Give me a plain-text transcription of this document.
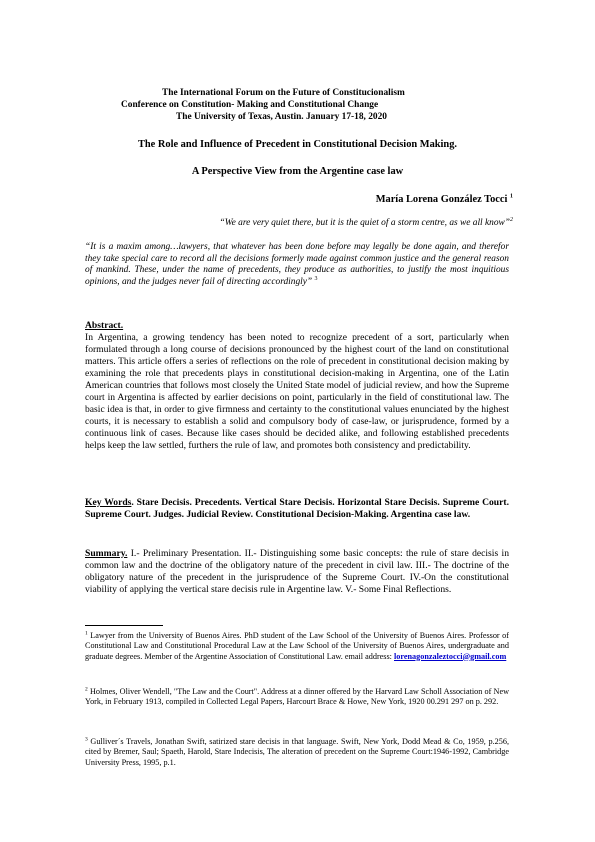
The International Forum on the Future of Constitucionalism
Conference on Constitution- Making and Constitutional Change
The University of Texas, Austin. January 17-18, 2020
The Role and Influence of Precedent in Constitutional Decision Making.
A Perspective View from the Argentine case law
María Lorena González Tocci $^1$
“We are very quiet there, but it is the quiet of a storm centre, as we all know”$^2$
“It is a maxim among…lawyers, that whatever has been done before may legally be done again, and therefor they take special care to record all the decisions formerly made against common justice and the general reason of mankind. These, under the name of precedents, they produce as authorities, to justify the most inquitious opinions, and the judges never fail of directing accordingly” $^3$
Abstract.
In Argentina, a growing tendency has been noted to recognize precedent of a sort, particularly when formulated through a long course of decisions pronounced by the highest court of the land on constitutional matters. This article offers a series of reflections on the role of precedent in constitutional decision making by examining the role that precedents plays in constitutional decision-making in Argentina, one of the Latin American countries that follows most closely the United State model of judicial review, and how the Supreme court in Argentina is affected by earlier decisions on point, particularly in the field of constitutional law. The basic idea is that, in order to give firmness and certainty to the constitutional values enunciated by the highest courts, it is necessary to establish a solid and compulsory body of case-law, or jurisprudence, formed by a continuous link of cases. Because like cases should be decided alike, and following established precedents helps keep the law settled, furthers the rule of law, and promotes both consistency and predictability.
Key Words. Stare Decisis. Precedents. Vertical Stare Decisis. Horizontal Stare Decisis. Supreme Court. Supreme Court. Judges. Judicial Review. Constitutional Decision-Making. Argentina case law.
Summary. I.- Preliminary Presentation. II.- Distinguishing some basic concepts: the rule of stare decisis in common law and the doctrine of the obligatory nature of the precedent in civil law. III.- The doctrine of the obligatory nature of the precedent in the jurisprudence of the Supreme Court. IV.-On the constitutional viability of applying the vertical stare decisis rule in Argentine law. V.- Some Final Reflections.
$^1$ Lawyer from the University of Buenos Aires. PhD student of the Law School of the University of Buenos Aires. Professor of Constitutional Law and Constitutional Procedural Law at the Law School of the University of Buenos Aires, undergraduate and graduate degrees. Member of the Argentine Association of Constitutional Law. email address: lorenagonzaleztocci@gmail.com
$^2$ Holmes, Oliver Wendell, "The Law and the Court". Address at a dinner offered by the Harvard Law Scholl Association of New York, in February 1913, compiled in Collected Legal Papers, Harcourt Brace & Howe, New York, 1920 00.291 297 on p. 292.
$^3$ Gulliver´s Travels, Jonathan Swift, satirized stare decisis in that language. Swift, New York, Dodd Mead & Co, 1959, p.256, cited by Bremer, Saul; Spaeth, Harold, Stare Indecisis, The alteration of precedent on the Supreme Court:1946-1992, Cambridge University Press, 1995, p.1.
